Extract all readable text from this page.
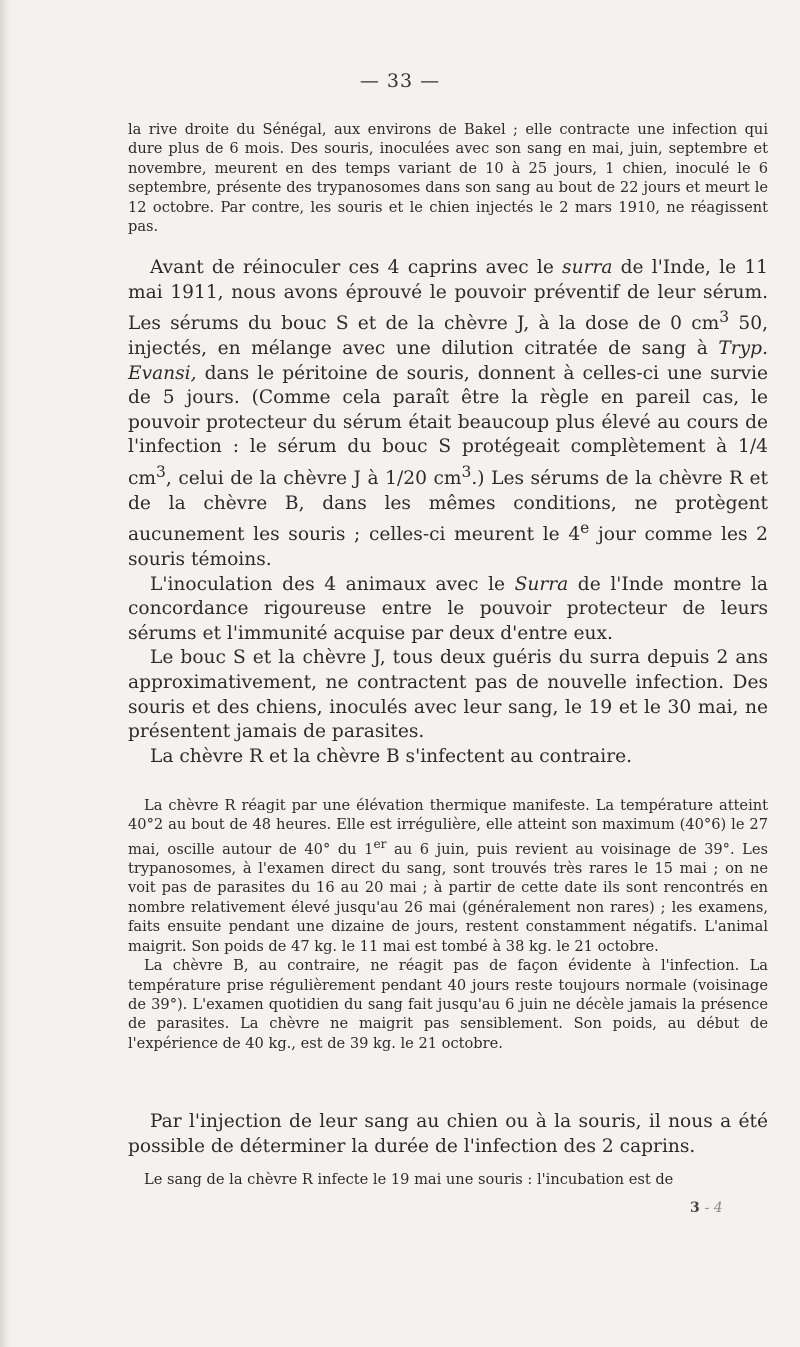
— 33 —

la rive droite du Sénégal, aux environs de Bakel ; elle contracte une infection qui dure plus de 6 mois. Des souris, inoculées avec son sang en mai, juin, septembre et novembre, meurent en des temps variant de 10 à 25 jours, 1 chien, inoculé le 6 septembre, présente des trypanosomes dans son sang au bout de 22 jours et meurt le 12 octobre. Par contre, les souris et le chien injectés le 2 mars 1910, ne réagissent pas.

Avant de réinoculer ces 4 caprins avec le surra de l'Inde, le 11 mai 1911, nous avons éprouvé le pouvoir préventif de leur sérum. Les sérums du bouc S et de la chèvre J, à la dose de 0 $cm^3$ 50, injectés, en mélange avec une dilution citratée de sang à Tryp. Evansi, dans le péritoine de souris, donnent à celles-ci une survie de 5 jours. (Comme cela paraît être la règle en pareil cas, le pouvoir protecteur du sérum était beaucoup plus élevé au cours de l'infection : le sérum du bouc S protégeait complètement à 1/4 $cm^3$, celui de la chèvre J à 1/20 $cm^3$.) Les sérums de la chèvre R et de la chèvre B, dans les mêmes conditions, ne protègent aucunement les souris ; celles-ci meurent le 4e jour comme les 2 souris témoins.

L'inoculation des 4 animaux avec le Surra de l'Inde montre la concordance rigoureuse entre le pouvoir protecteur de leurs sérums et l'immunité acquise par deux d'entre eux.

Le bouc S et la chèvre J, tous deux guéris du surra depuis 2 ans approximativement, ne contractent pas de nouvelle infection. Des souris et des chiens, inoculés avec leur sang, le 19 et le 30 mai, ne présentent jamais de parasites.

La chèvre R et la chèvre B s'infectent au contraire.

La chèvre R réagit par une élévation thermique manifeste. La température atteint 40°2 au bout de 48 heures. Elle est irrégulière, elle atteint son maximum (40°6) le 27 mai, oscille autour de 40° du 1er au 6 juin, puis revient au voisinage de 39°. Les trypanosomes, à l'examen direct du sang, sont trouvés très rares le 15 mai ; on ne voit pas de parasites du 16 au 20 mai ; à partir de cette date ils sont rencontrés en nombre relativement élevé jusqu'au 26 mai (généralement non rares) ; les examens, faits ensuite pendant une dizaine de jours, restent constamment négatifs. L'animal maigrit. Son poids de 47 kg. le 11 mai est tombé à 38 kg. le 21 octobre.

La chèvre B, au contraire, ne réagit pas de façon évidente à l'infection. La température prise régulièrement pendant 40 jours reste toujours normale (voisinage de 39°). L'examen quotidien du sang fait jusqu'au 6 juin ne décèle jamais la présence de parasites. La chèvre ne maigrit pas sensiblement. Son poids, au début de l'expérience de 40 kg., est de 39 kg. le 21 octobre.

Par l'injection de leur sang au chien ou à la souris, il nous a été possible de déterminer la durée de l'infection des 2 caprins.

Le sang de la chèvre R infecte le 19 mai une souris : l'incubation est de

3 - 4
